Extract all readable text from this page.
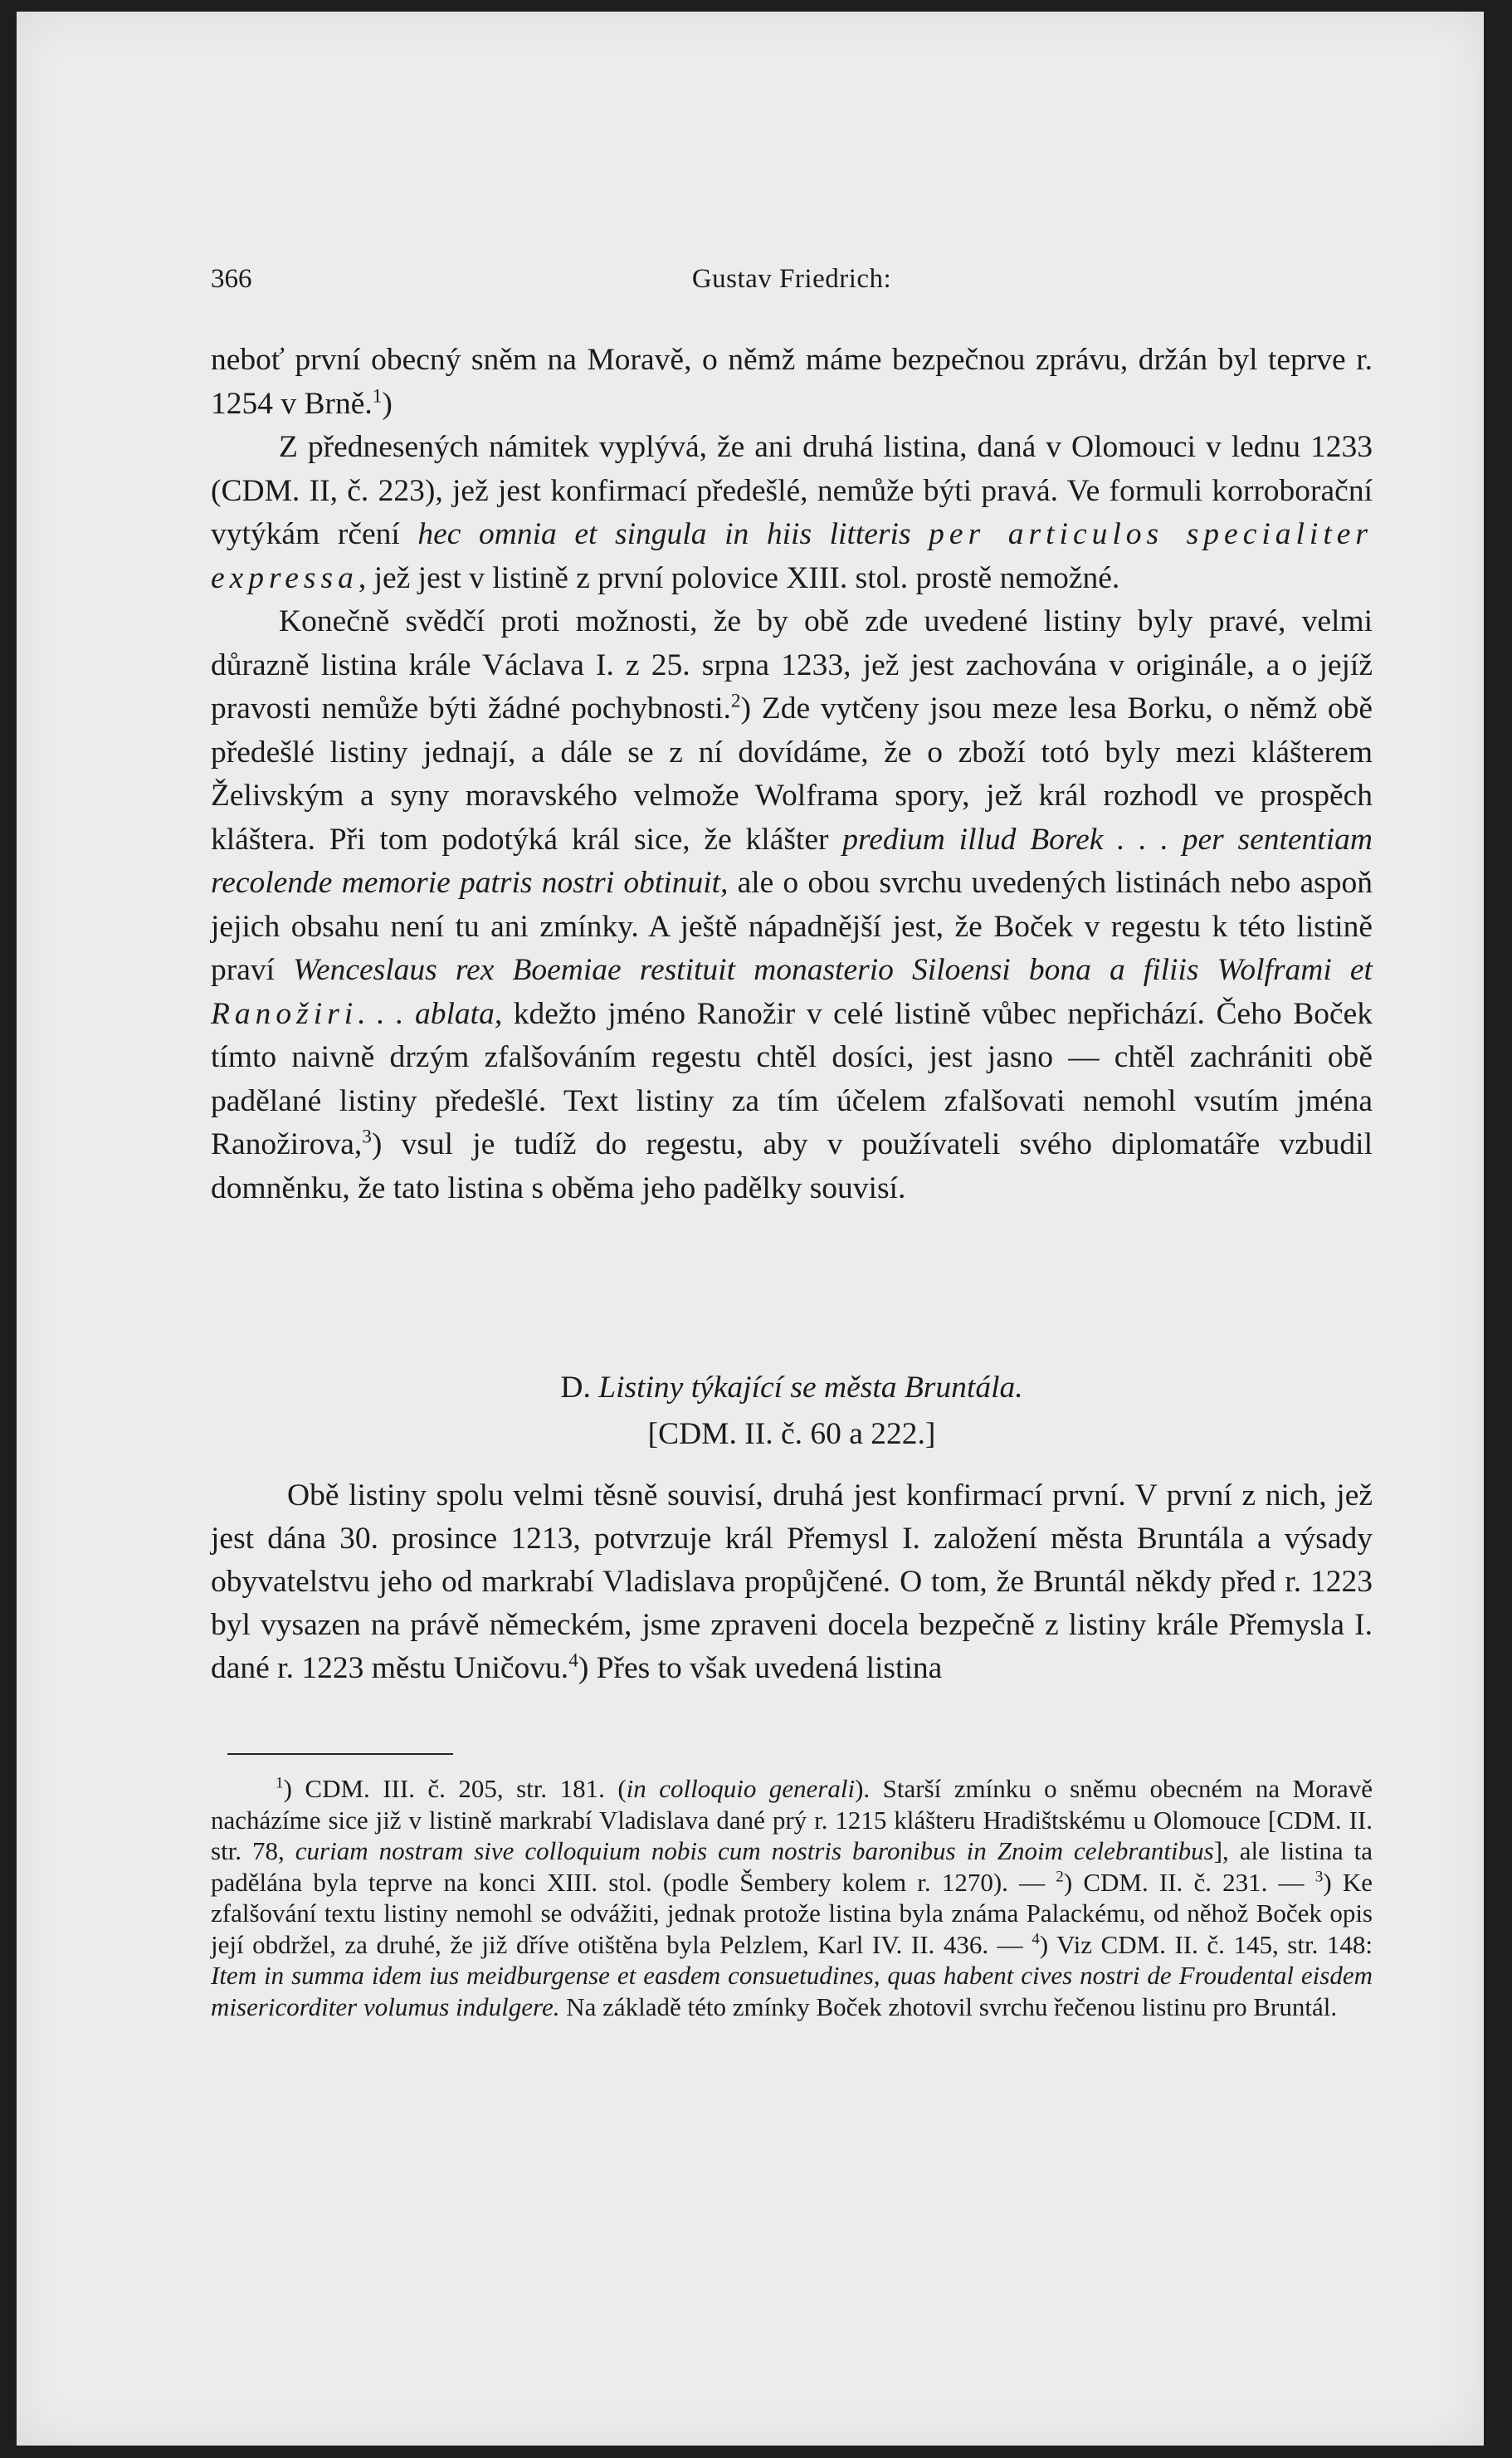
366	Gustav Friedrich:

neboť první obecný sněm na Moravě, o němž máme bezpečnou zprávu, držán byl teprve r. 1254 v Brně.$^1$)

Z přednesených námitek vyplývá, že ani druhá listina, daná v Olomouci v lednu 1233 (CDM. II, č. 223), jež jest konfirmací předešlé, nemůže býti pravá. Ve formuli korroborační vytýkám rčení hec omnia et singula in hiis litteris per articulos specialiter expressa, jež jest v listině z první polovice XIII. stol. prostě nemožné.

Konečně svědčí proti možnosti, že by obě zde uvedené listiny byly pravé, velmi důrazně listina krále Václava I. z 25. srpna 1233, jež jest zachována v originále, a o jejíž pravosti nemůže býti žádné pochybnosti.$^2$) Zde vytčeny jsou meze lesa Borku, o němž obě předešlé listiny jednají, a dále se z ní dovídáme, že o zboží totó byly mezi klášterem Želivským a syny moravského velmože Wolframa spory, jež král rozhodl ve prospěch kláštera. Při tom podotýká král sice, že klášter predium illud Borek . . . per sententiam recolende memorie patris nostri obtinuit, ale o obou svrchu uvedených listinách nebo aspoň jejich obsahu není tu ani zmínky. A ještě nápadnější jest, že Boček v regestu k této listině praví Wenceslaus rex Boemiae restituit monasterio Siloensi bona a filiis Wolframi et Ranožiri. . . ablata, kdežto jméno Ranožir v celé listině vůbec nepřichází. Čeho Boček tímto naivně drzým zfalšováním regestu chtěl dosíci, jest jasno — chtěl zachrániti obě padělané listiny předešlé. Text listiny za tím účelem zfalšovati nemohl vsutím jména Ranožirova,$^3$) vsul je tudíž do regestu, aby v používateli svého diplomatáře vzbudil domněnku, že tato listina s oběma jeho padělky souvisí.

D. Listiny týkající se města Bruntála.
[CDM. II. č. 60 a 222.]

Obě listiny spolu velmi těsně souvisí, druhá jest konfirmací první. V první z nich, jež jest dána 30. prosince 1213, potvrzuje král Přemysl I. založení města Bruntála a výsady obyvatelstvu jeho od markrabí Vladislava propůjčené. O tom, že Bruntál někdy před r. 1223 byl vysazen na právě německém, jsme zpraveni docela bezpečně z listiny krále Přemysla I. dané r. 1223 městu Uničovu.$^4$) Přes to však uvedená listina

$^1$) CDM. III. č. 205, str. 181. (in colloquio generali). Starší zmínku o sněmu obecném na Moravě nacházíme sice již v listině markrabí Vladislava dané prý r. 1215 klášteru Hradištskému u Olomouce [CDM. II. str. 78, curiam nostram sive colloquium nobis cum nostris baronibus in Znoim celebrantibus], ale listina ta padělána byla teprve na konci XIII. stol. (podle Šembery kolem r. 1270). — $^2$) CDM. II. č. 231. — $^3$) Ke zfalšování textu listiny nemohl se odvážiti, jednak protože listina byla známa Palackému, od něhož Boček opis její obdržel, za druhé, že již dříve otištěna byla Pelzlem, Karl IV. II. 436. — $^4$) Viz CDM. II. č. 145, str. 148: Item in summa idem ius meidburgense et easdem consuetudines, quas habent cives nostri de Froudental eisdem misericorditer volumus indulgere. Na základě této zmínky Boček zhotovil svrchu řečenou listinu pro Bruntál.
